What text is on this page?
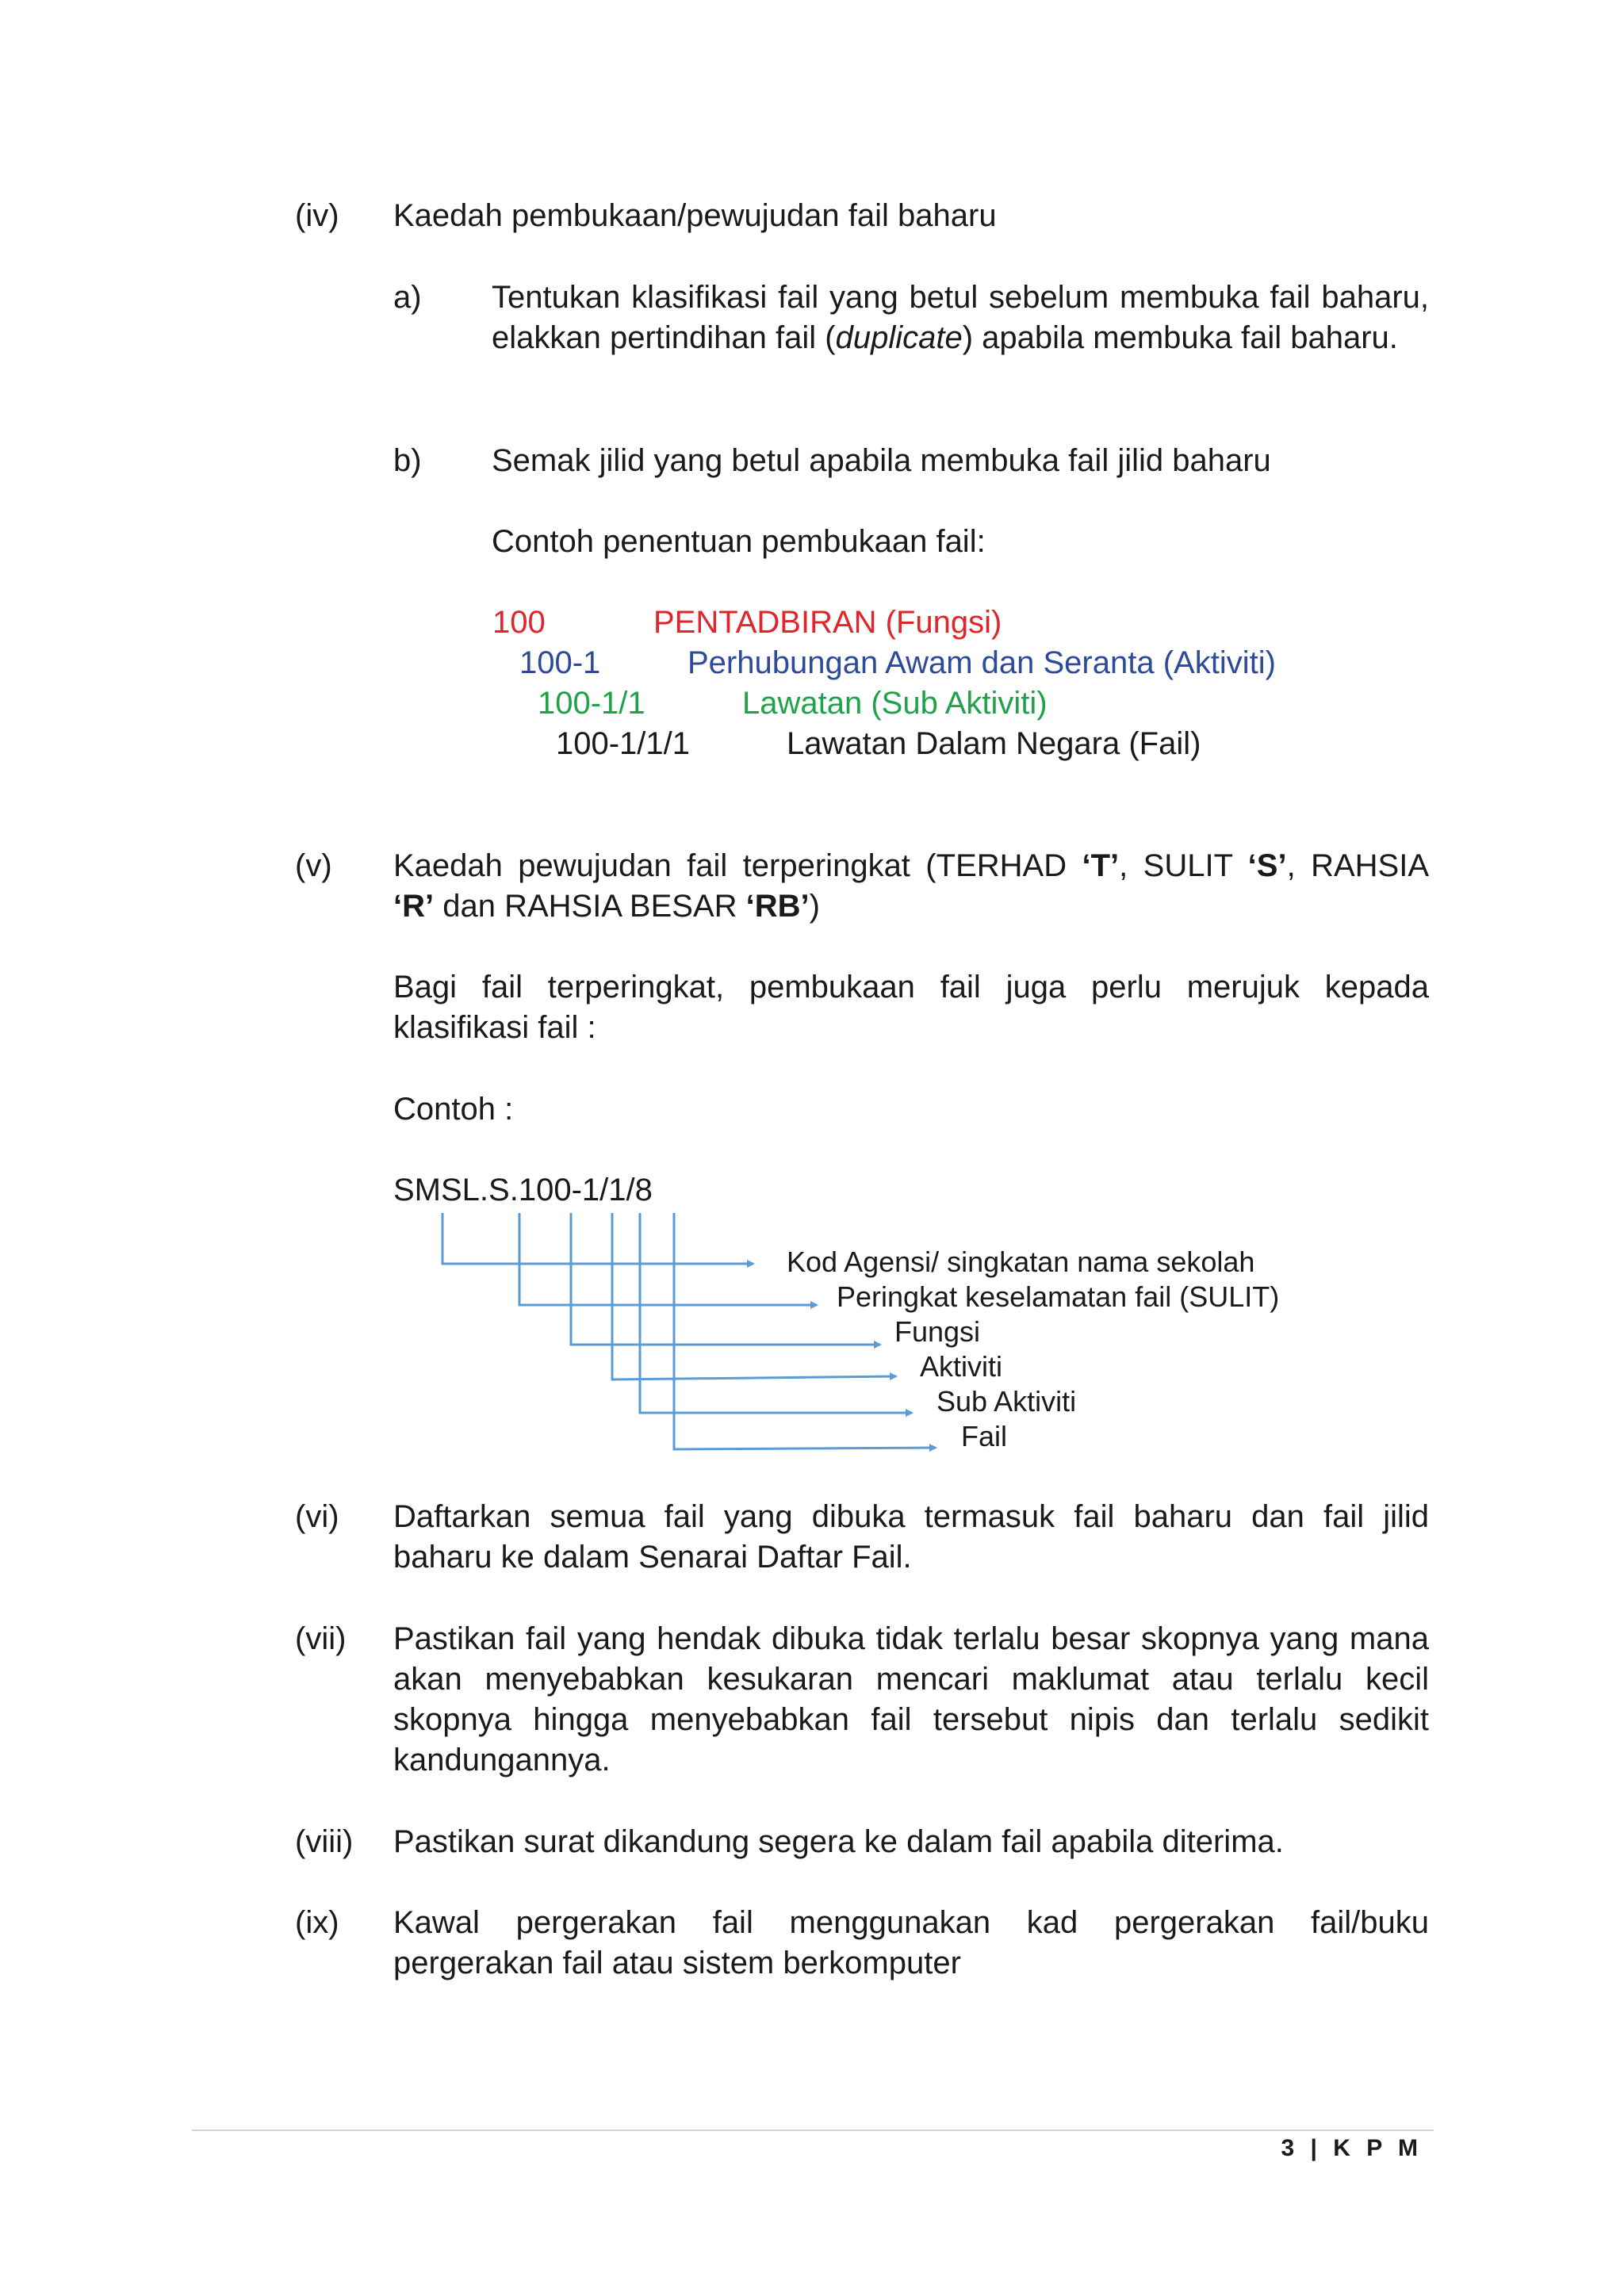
(iv) Kaedah pembukaan/pewujudan fail baharu
a) Tentukan klasifikasi fail yang betul sebelum membuka fail baharu, elakkan pertindihan fail (duplicate) apabila membuka fail baharu.
b) Semak jilid yang betul apabila membuka fail jilid baharu
Contoh penentuan pembukaan fail:
100	PENTADBIRAN (Fungsi)
100-1	Perhubungan Awam dan Seranta (Aktiviti)
100-1/1	Lawatan (Sub Aktiviti)
100-1/1/1	Lawatan Dalam Negara (Fail)
(v) Kaedah pewujudan fail terperingkat (TERHAD ‘T’, SULIT ‘S’, RAHSIA
‘R’ dan RAHSIA BESAR ‘RB’)
Bagi fail terperingkat, pembukaan fail juga perlu merujuk kepada klasifikasi fail :
Contoh :
SMSL.S.100-1/1/8
Kod Agensi/ singkatan nama sekolah
Peringkat keselamatan fail (SULIT)
Fungsi
Aktiviti
Sub Aktiviti
Fail
(vi) Daftarkan semua fail yang dibuka termasuk fail baharu dan fail jilid baharu ke dalam Senarai Daftar Fail.
(vii) Pastikan fail yang hendak dibuka tidak terlalu besar skopnya yang mana akan menyebabkan kesukaran mencari maklumat atau terlalu kecil skopnya hingga menyebabkan fail tersebut nipis dan terlalu sedikit kandungannya.
(viii) Pastikan surat dikandung segera ke dalam fail apabila diterima.
(ix) Kawal pergerakan fail menggunakan kad pergerakan fail/buku
pergerakan fail atau sistem berkomputer
3 | K P M
